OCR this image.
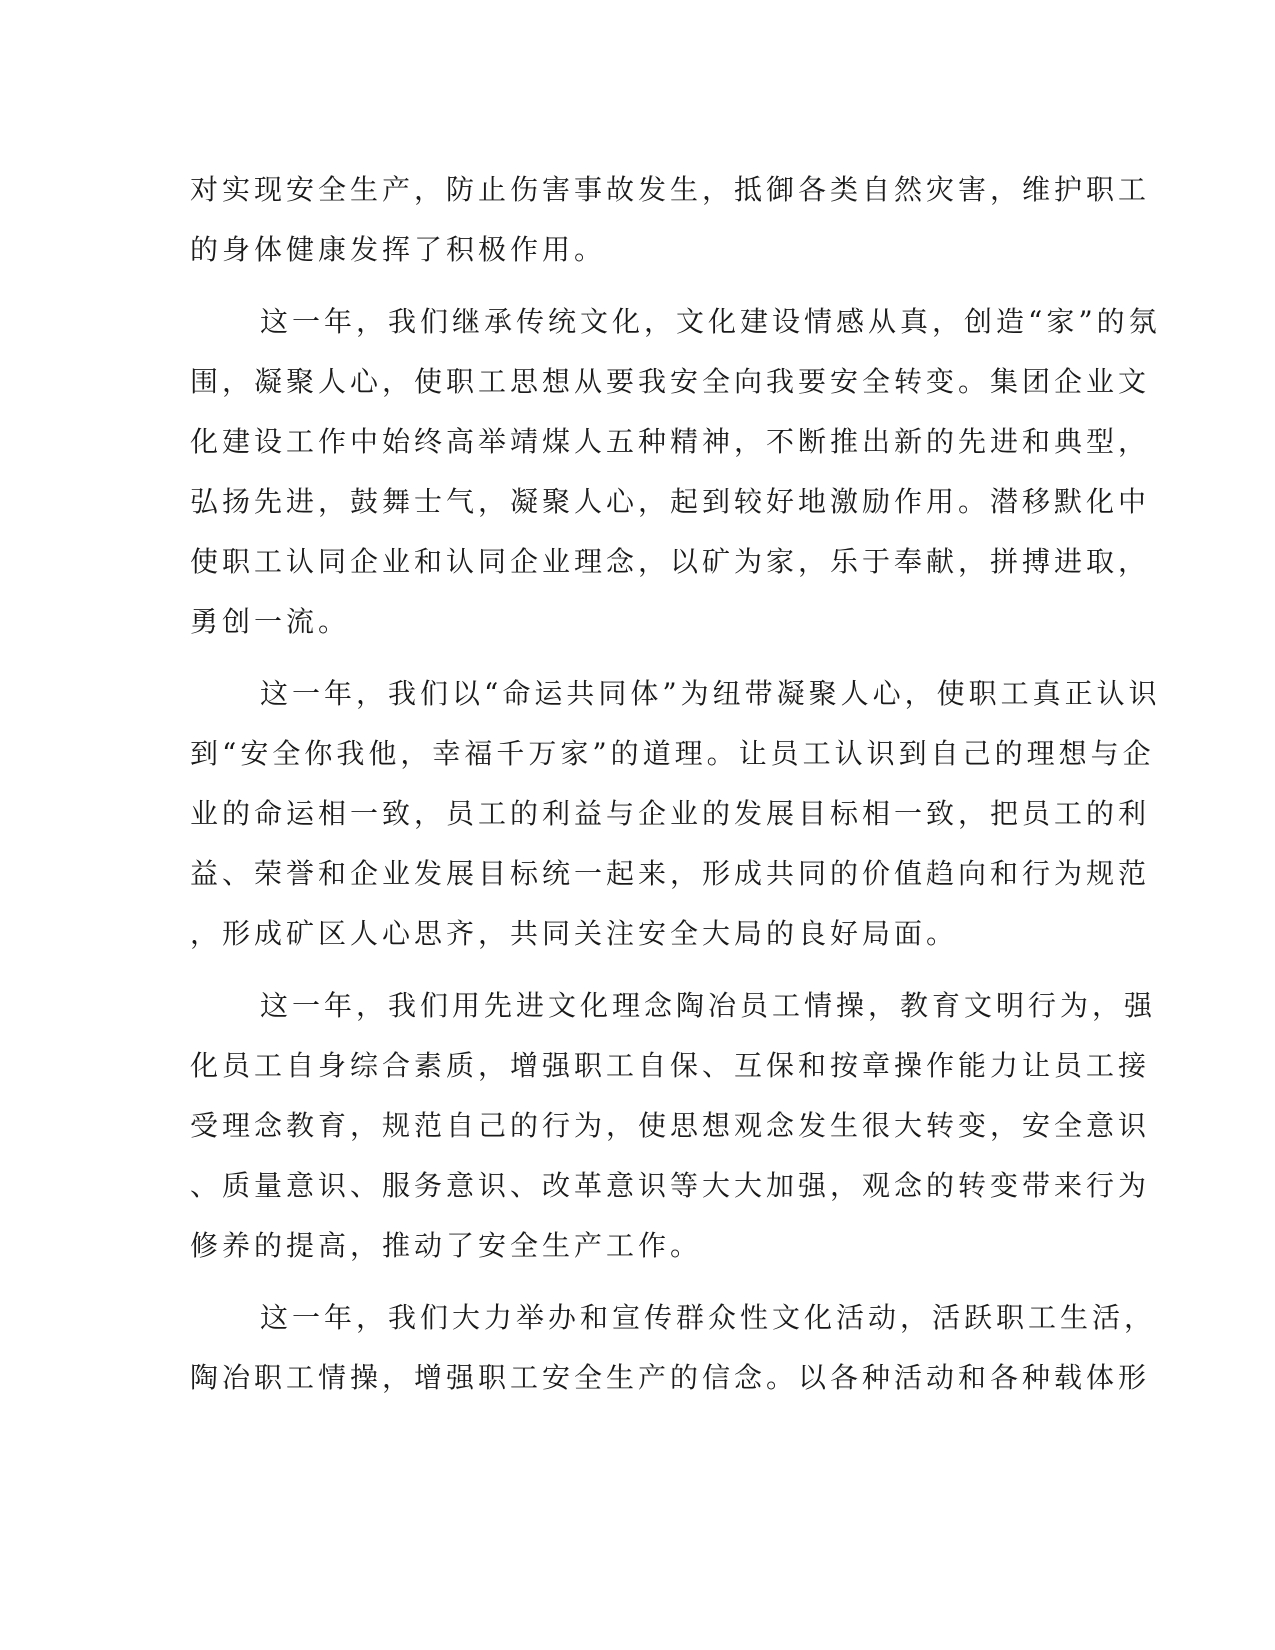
对实现安全生产，防止伤害事故发生，抵御各类自然灾害，维护职工
的身体健康发挥了积极作用。
这一年，我们继承传统文化，文化建设情感从真，创造“家”的氛
围，凝聚人心，使职工思想从要我安全向我要安全转变。集团企业文
化建设工作中始终高举靖煤人五种精神，不断推出新的先进和典型，
弘扬先进，鼓舞士气，凝聚人心，起到较好地激励作用。潜移默化中
使职工认同企业和认同企业理念，以矿为家，乐于奉献，拼搏进取，
勇创一流。
这一年，我们以“命运共同体”为纽带凝聚人心，使职工真正认识
到“安全你我他，幸福千万家”的道理。让员工认识到自己的理想与企
业的命运相一致，员工的利益与企业的发展目标相一致，把员工的利
益、荣誉和企业发展目标统一起来，形成共同的价值趋向和行为规范
，形成矿区人心思齐，共同关注安全大局的良好局面。
这一年，我们用先进文化理念陶冶员工情操，教育文明行为，强
化员工自身综合素质，增强职工自保、互保和按章操作能力让员工接
受理念教育，规范自己的行为，使思想观念发生很大转变，安全意识
、质量意识、服务意识、改革意识等大大加强，观念的转变带来行为
修养的提高，推动了安全生产工作。
这一年，我们大力举办和宣传群众性文化活动，活跃职工生活，
陶冶职工情操，增强职工安全生产的信念。以各种活动和各种载体形
